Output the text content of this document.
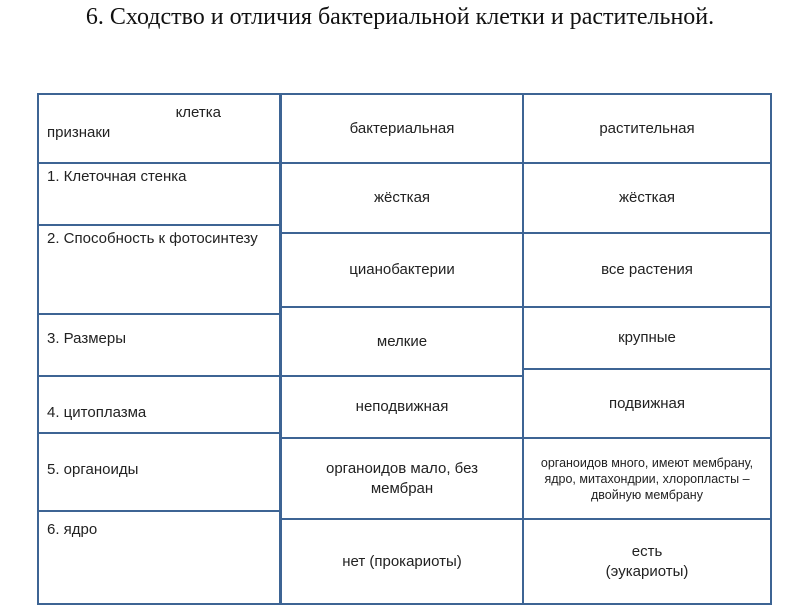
6. Сходство и отличия бактериальной клетки и растительной.
клетка
признаки
1. Клеточная стенка
2. Способность к фотосинтезу
3. Размеры
4. цитоплазма
5. органоиды
6. ядро
бактериальная
жёсткая
цианобактерии
мелкие
неподвижная
органоидов мало, без мембран
нет (прокариоты)
растительная
жёсткая
все растения
крупные
подвижная
органоидов много, имеют мембрану, ядро, митахондрии, хлоропласты – двойную мембрану
есть (эукариоты)
